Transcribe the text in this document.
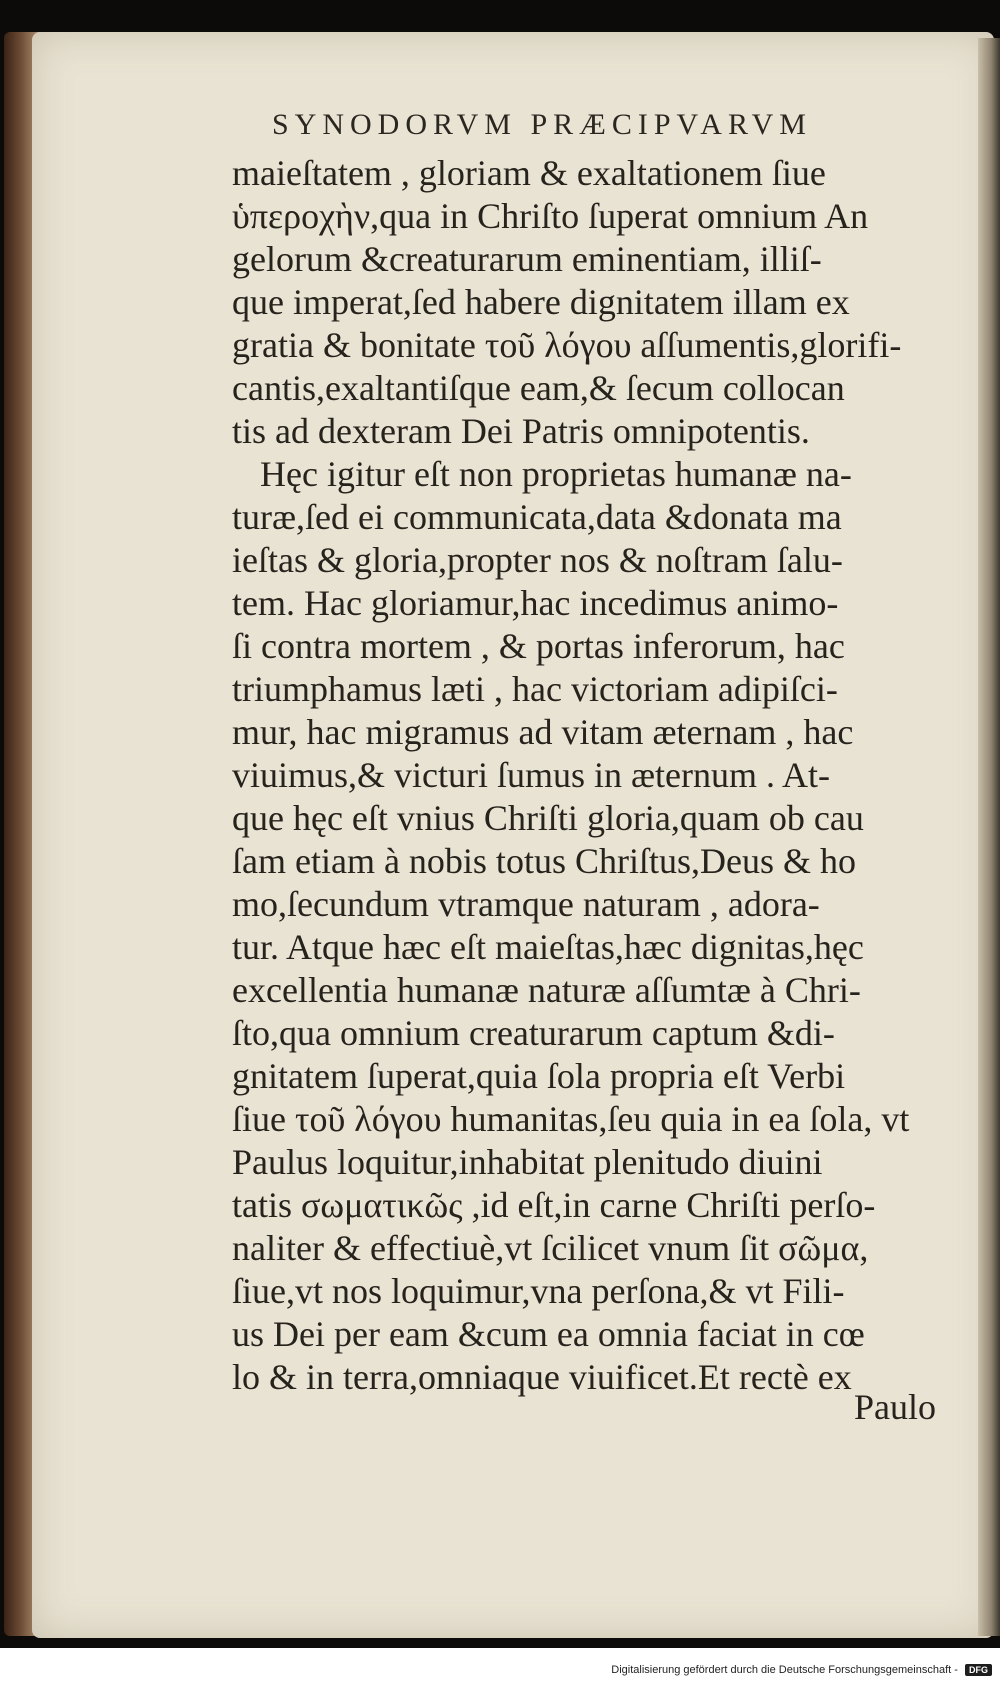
SYNODORVM PRÆCIPVARVM
maieſtatem , gloriam & exaltationem ſiue
ὑπεροχὴν,qua in Chriſto ſuperat omnium An
gelorum &creaturarum eminentiam, illiſ-
que imperat,ſed habere dignitatem illam ex
gratia & bonitate τοῦ λόγου aſſumentis,glorifi-
cantis,exaltantiſque eam,& ſecum collocan
tis ad dexteram Dei Patris omnipotentis.
Hęc igitur eſt non proprietas humanæ na-
turæ,ſed ei communicata,data &donata ma
ieſtas & gloria,propter nos & noſtram ſalu-
tem. Hac gloriamur,hac incedimus animo-
ſi contra mortem , & portas inferorum, hac
triumphamus læti , hac victoriam adipiſci-
mur, hac migramus ad vitam æternam , hac
viuimus,& victuri ſumus in æternum . At-
que hęc eſt vnius Chriſti gloria,quam ob cau
ſam etiam à nobis totus Chriſtus,Deus & ho
mo,ſecundum vtramque naturam , adora-
tur. Atque hæc eſt maieſtas,hæc dignitas,hęc
excellentia humanæ naturæ aſſumtæ à Chri-
ſto,qua omnium creaturarum captum &di-
gnitatem ſuperat,quia ſola propria eſt Verbi
ſiue τοῦ λόγου humanitas,ſeu quia in ea ſola, vt
Paulus loquitur,inhabitat plenitudo diuini
tatis σωματικῶς ,id eſt,in carne Chriſti perſo-
naliter & effectiuè,vt ſcilicet vnum ſit σῶμα,
ſiue,vt nos loquimur,vna perſona,& vt Fili-
us Dei per eam &cum ea omnia faciat in cœ
lo & in terra,omniaque viuificet.Et rectè ex
Paulo
Digitalisierung gefördert durch die Deutsche Forschungsgemeinschaft - DFG
